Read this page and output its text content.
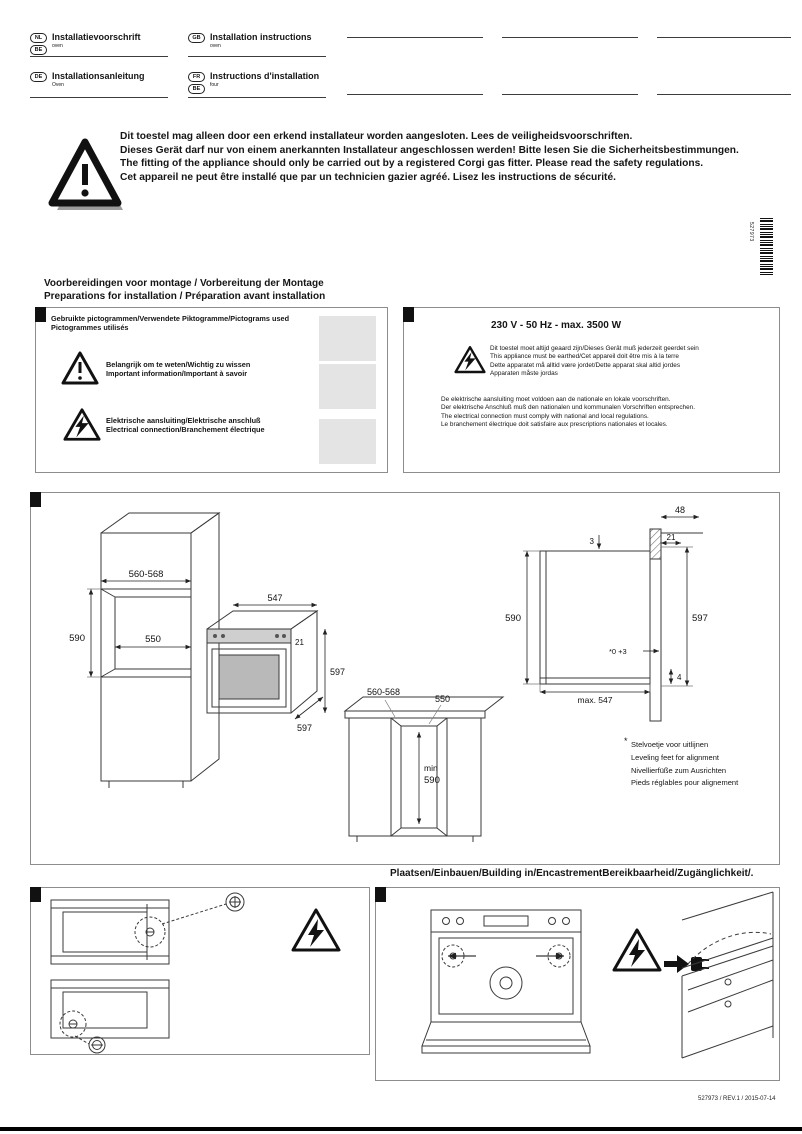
NL
BE
Installatievoorschrift
oven
GB	Installation instructions
oven
DE	Installationsanleitung
Oven
FR
BE
Instructions d'installation
four
Dit toestel mag alleen door een erkend installateur worden aangesloten. Lees de veiligheidsvoorschriften.
Dieses Gerät darf nur von einem anerkannten Installateur angeschlossen werden! Bitte lesen Sie die Sicherheitsbestimmungen.
The fitting of the appliance should only be carried out by a registered Corgi gas fitter. Please read the safety regulations.
Cet appareil ne peut être installé que par un technicien gazier agréé. Lisez les instructions de sécurité.
527973
Voorbereidingen voor montage / Vorbereitung der Montage
Preparations for installation / Préparation avant installation
Gebruikte pictogrammen/Verwendete Piktogramme/Pictograms used
Pictogrammes utilisés
Belangrijk om te weten/Wichtig zu wissen
Important information/Important à savoir
Elektrische aansluiting/Elektrische anschluß
Electrical connection/Branchement électrique
230 V - 50 Hz - max. 3500 W
Dit toestel moet altijd geaard zijn/Dieses Gerät muß jederzeit geerdet sein
This appliance must be earthed/Cet appareil doit être mis à la terre
Dette apparatet må alltid være jordet/Dette apparat skal altid jordes
Apparaten måste jordas
De elektrische aansluiting moet voldoen aan de nationale en lokale voorschriften.
Der elektrische Anschluß muß den nationalen und kommunalen Vorschriften entsprechen.
The electrical connection must comply with national and local regulations.
Le branchement électrique doit satisfaire aux prescriptions nationales et locales.
560-568
550
590
547
21
597
597
48
21
3
590	597
*0 +3
4
max. 547
560-568
550
min
590
* Stelvoetje voor uitlijnen
Leveling feet for alignment
Nivellierfüße zum Ausrichten
Pieds réglables pour alignement
Plaatsen/Einbauen/Building in/EncastrementBereikbaarheid/Zugänglichkeit/.
527973 / REV.1 / 2015-07-14
